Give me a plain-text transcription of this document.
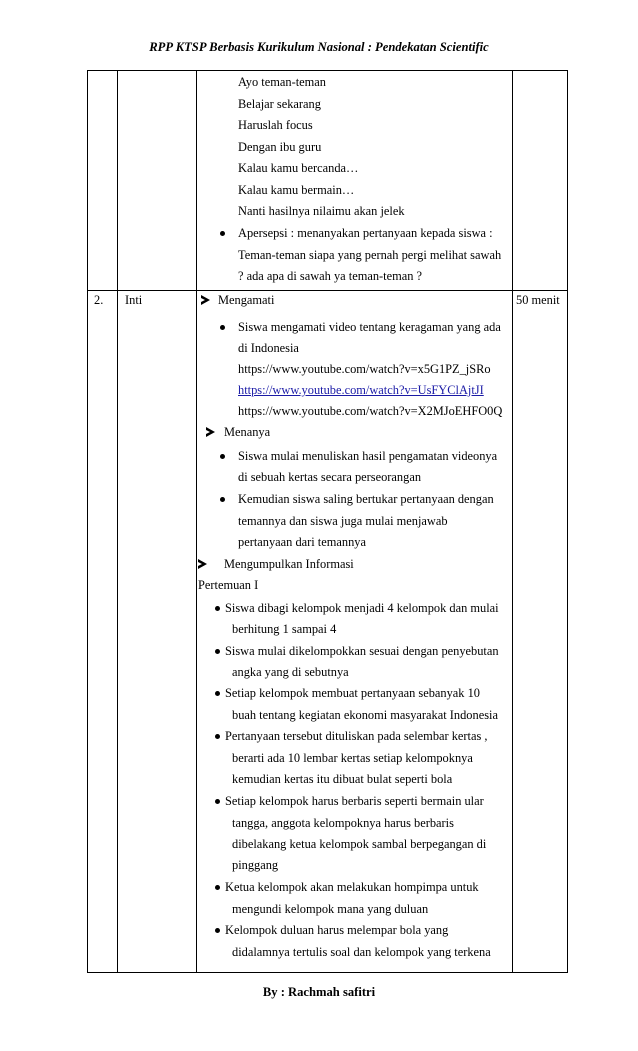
RPP KTSP Berbasis Kurikulum Nasional : Pendekatan Scientific
Ayo teman-teman
Belajar sekarang
Haruslah focus
Dengan ibu guru
Kalau kamu bercanda…
Kalau kamu bermain…
Nanti hasilnya nilaimu akan jelek
Apersepsi : menanyakan pertanyaan kepada siswa :
Teman-teman siapa yang pernah pergi melihat sawah
? ada apa di sawah ya teman-teman ?
2. Inti	50 menit
Mengamati
Siswa mengamati video tentang keragaman yang ada
di Indonesia
https://www.youtube.com/watch?v=x5G1PZ_jSRo
https://www.youtube.com/watch?v=UsFYClAjtJI
https://www.youtube.com/watch?v=X2MJoEHFO0Q
Menanya
Siswa mulai menuliskan hasil pengamatan videonya
di sebuah kertas secara perseorangan
Kemudian siswa saling bertukar pertanyaan dengan
temannya dan siswa juga mulai menjawab
pertanyaan dari temannya
Mengumpulkan Informasi
Pertemuan I
Siswa dibagi kelompok menjadi 4 kelompok dan mulai
berhitung 1 sampai 4
Siswa mulai dikelompokkan sesuai dengan penyebutan
angka yang di sebutnya
Setiap kelompok membuat pertanyaan sebanyak 10
buah tentang kegiatan ekonomi masyarakat Indonesia
Pertanyaan tersebut dituliskan pada selembar kertas ,
berarti ada 10 lembar kertas setiap kelompoknya
kemudian kertas itu dibuat bulat seperti bola
Setiap kelompok harus berbaris seperti bermain ular
tangga, anggota kelompoknya harus berbaris
dibelakang ketua kelompok sambal berpegangan di
pinggang
Ketua kelompok akan melakukan hompimpa untuk
mengundi kelompok mana yang duluan
Kelompok duluan harus melempar bola yang
didalamnya tertulis soal dan kelompok yang terkena
By : Rachmah safitri
